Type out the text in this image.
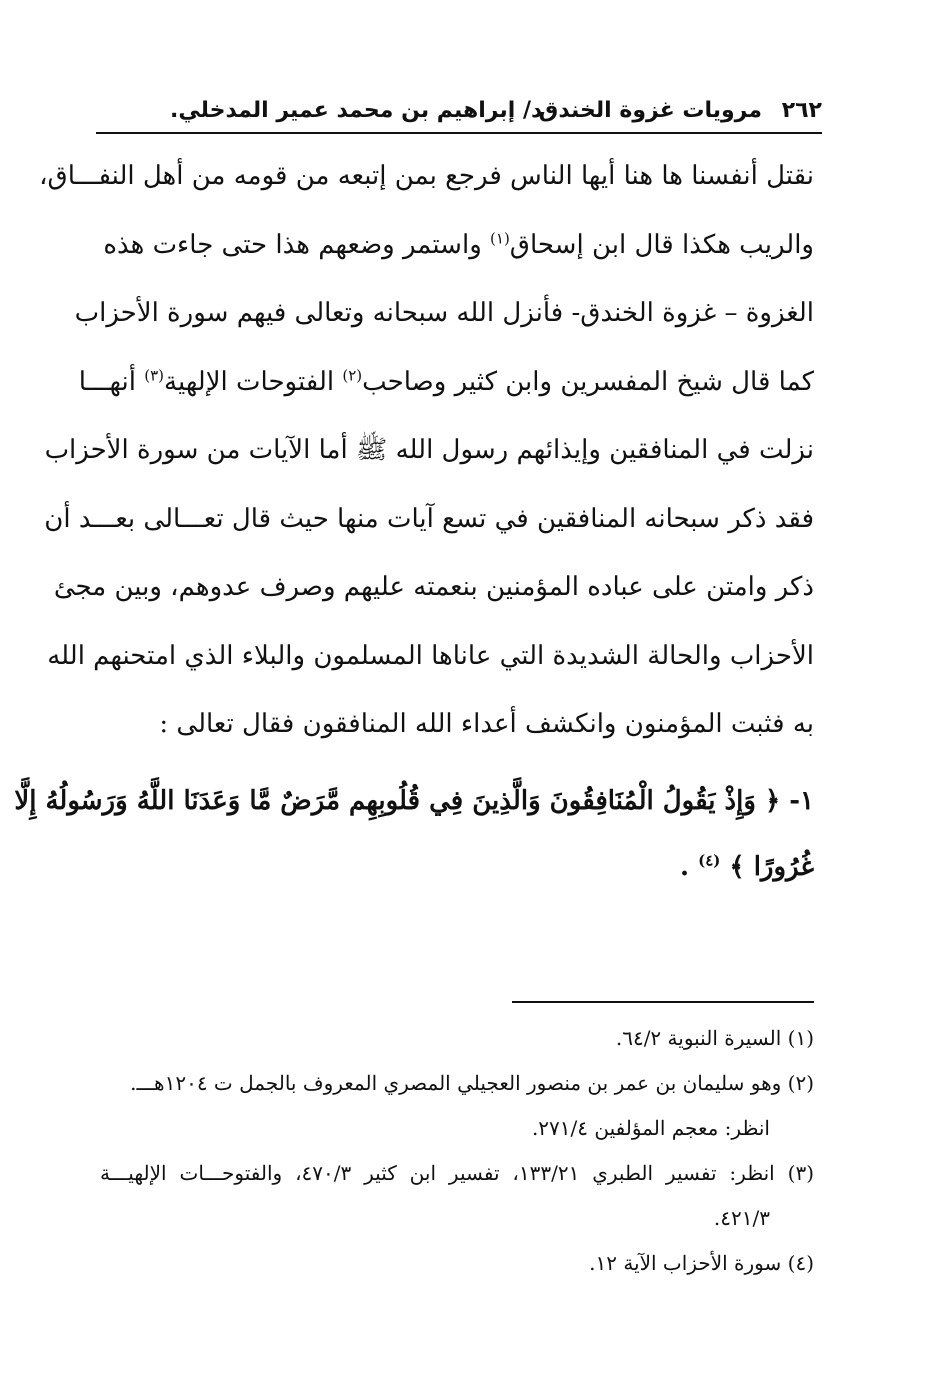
٢٦٢
مرويات غزوة الخندق
د/ إبراهيم بن محمد عمير المدخلي.
نقتل أنفسنا ها هنا أيها الناس فرجع بمن إتبعه من قومه من أهل النفـــاق،
والريب هكذا قال ابن إسحاق$^{(١)}$ واستمر وضعهم هذا حتى جاءت هذه
الغزوة – غزوة الخندق- فأنزل الله سبحانه وتعالى فيهم سورة الأحزاب
كما قال شيخ المفسرين وابن كثير وصاحب$^{(٢)}$ الفتوحات الإلهية$^{(٣)}$ أنهـــا
نزلت في المنافقين وإيذائهم رسول الله ﷺ أما الآيات من سورة الأحزاب
فقد ذكر سبحانه المنافقين في تسع آيات منها حيث قال تعـــالى بعـــد أن
ذكر وامتن على عباده المؤمنين بنعمته عليهم وصرف عدوهم، وبين مجئ
الأحزاب والحالة الشديدة التي عاناها المسلمون والبلاء الذي امتحنهم الله
به فثبت المؤمنون وانكشف أعداء الله المنافقون فقال تعالى :
١- ﴿ وَإِذْ يَقُولُ الْمُنَافِقُونَ وَالَّذِينَ فِي قُلُوبِهِم مَّرَضٌ مَّا وَعَدَنَا اللَّهُ وَرَسُولُهُ إِلَّا
غُرُورًا ﴾ $^{(٤)}$ .
(١) السيرة النبوية ٦٤/٢.
(٢) وهو سليمان بن عمر بن منصور العجيلي المصري المعروف بالجمل ت ١٢٠٤هـــ.
انظر: معجم المؤلفين ٢٧١/٤.
(٣) انظر: تفسير الطبري ١٣٣/٢١، تفسير ابن كثير ٤٧٠/٣، والفتوحـــات الإلهيـــة
٤٢١/٣.
(٤) سورة الأحزاب الآية ١٢.
